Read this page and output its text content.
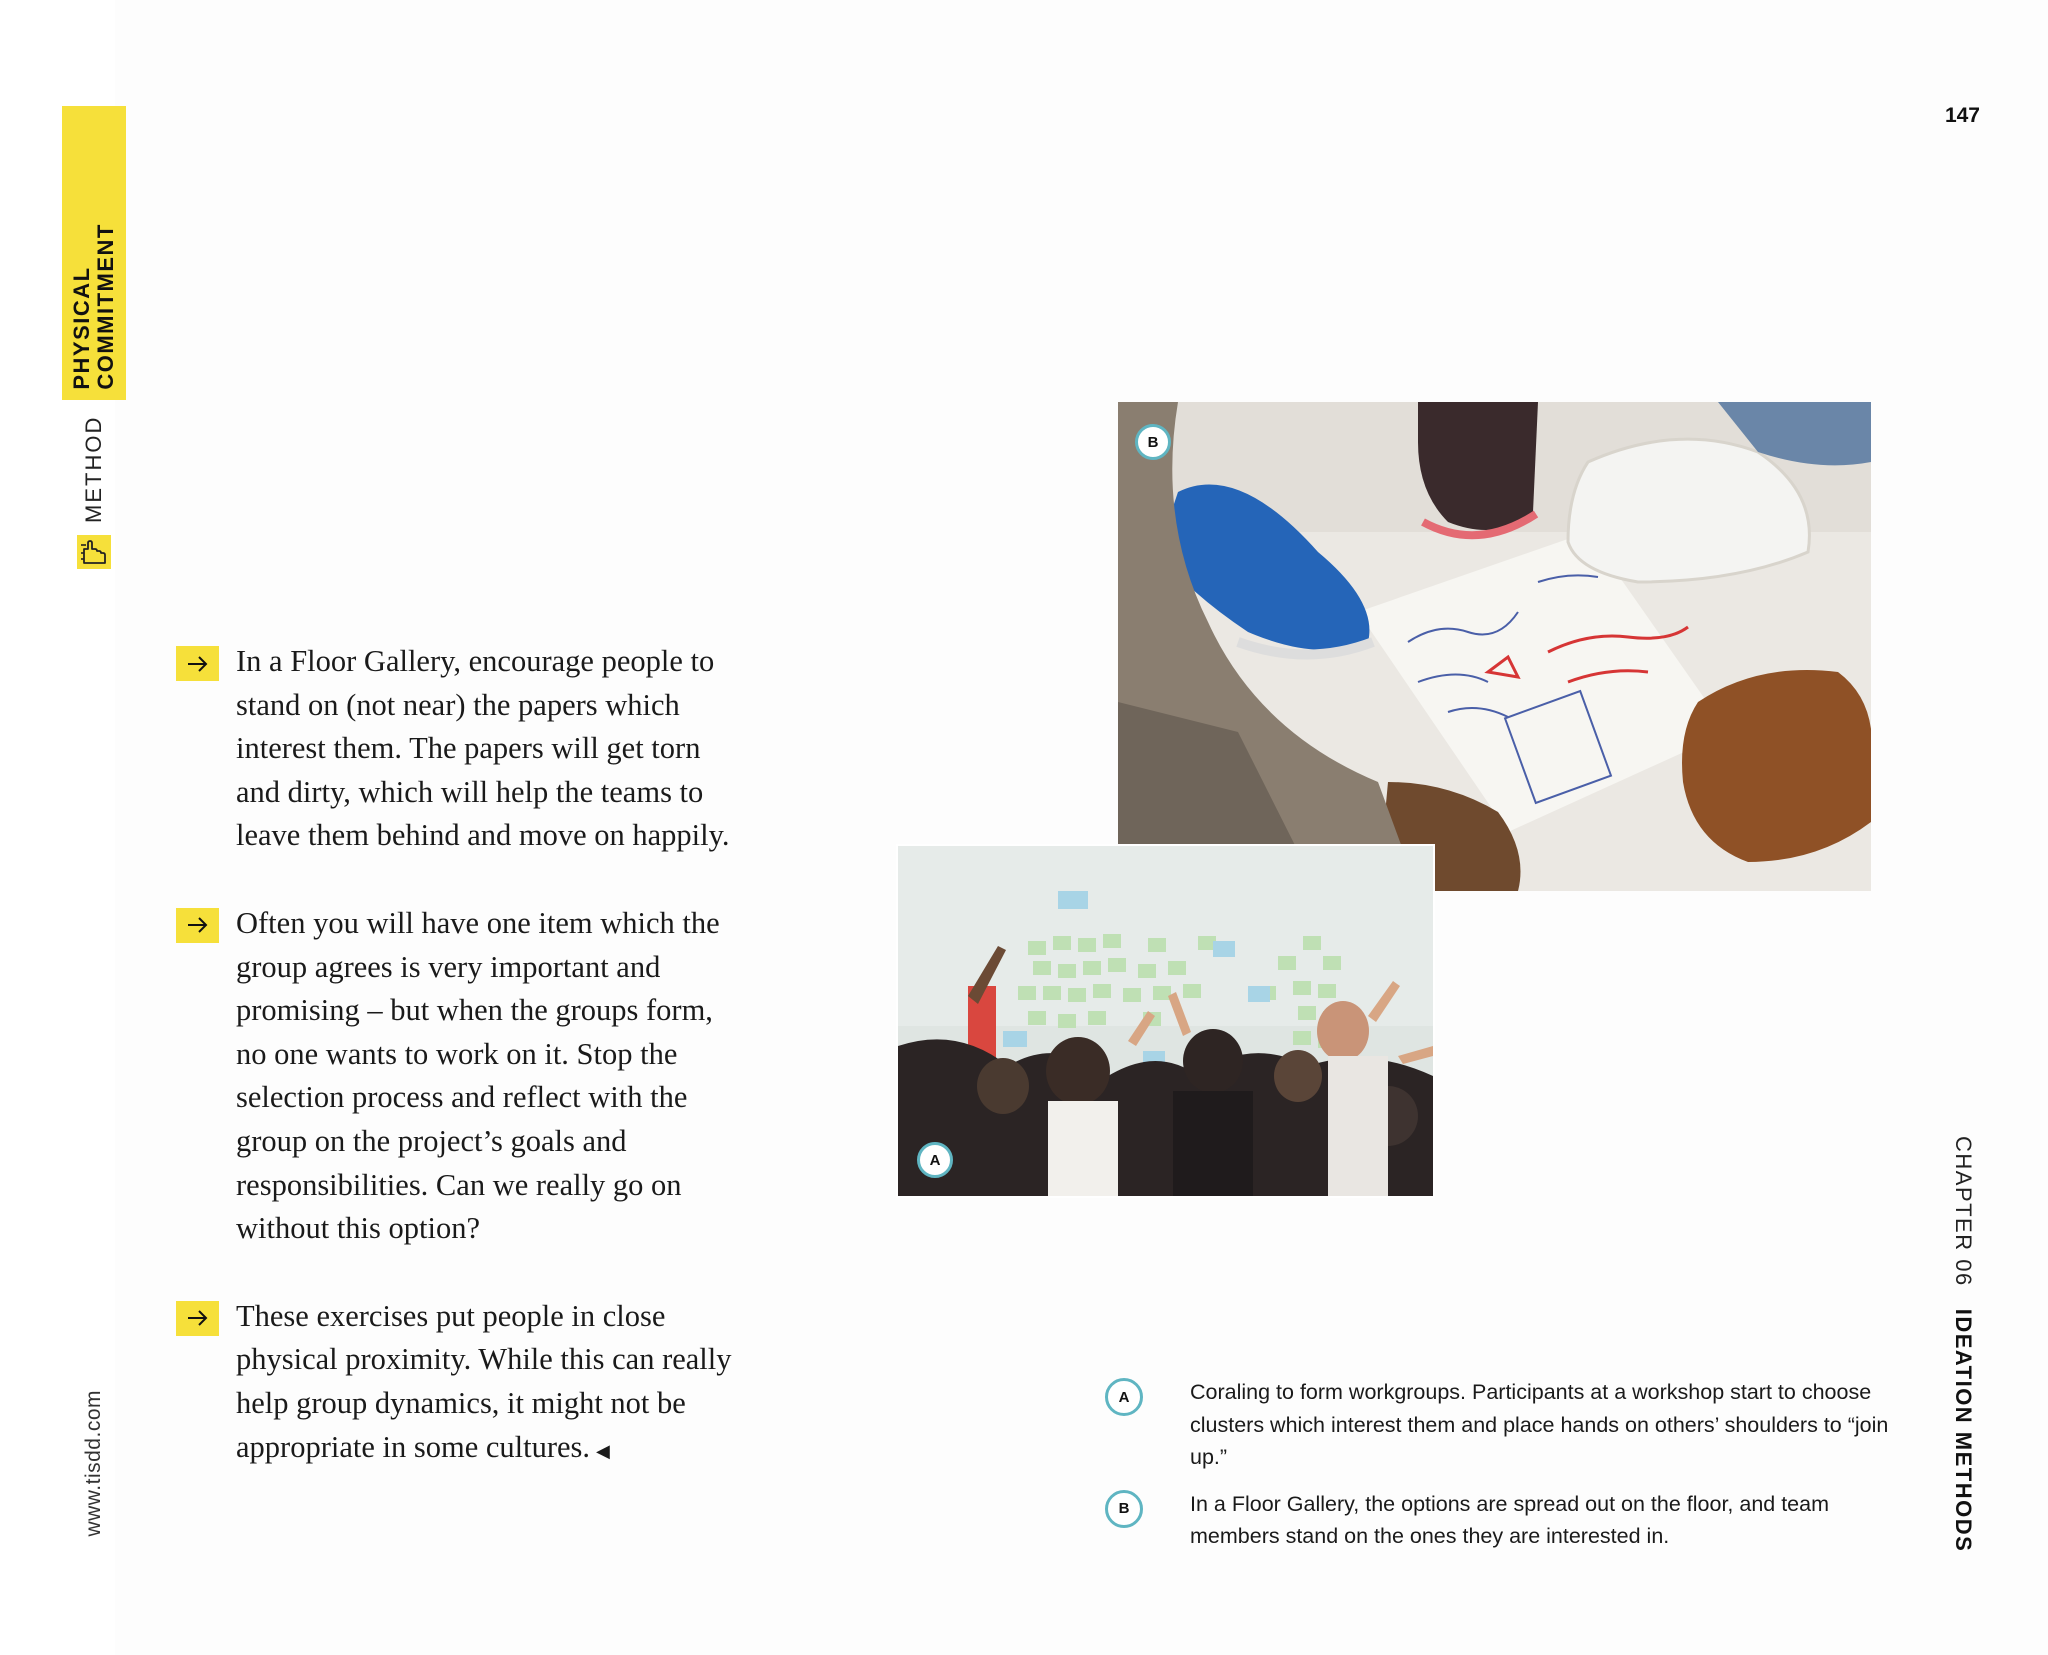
METHOD
PHYSICAL COMMITMENT
147
www.tisdd.com
CHAPTER 06
IDEATION METHODS
In a Floor Gallery, encourage people to stand on (not near) the papers which interest them. The papers will get torn and dirty, which will help the teams to leave them behind and move on happily.
Often you will have one item which the group agrees is very important and promising – but when the groups form, no one wants to work on it. Stop the selection process and reflect with the group on the project’s goals and responsibilities. Can we really go on without this option?
These exercises put people in close physical proximity. While this can really help group dynamics, it might not be appropriate in some cultures. ◀
B
A
A	Coraling to form workgroups. Participants at a workshop start to choose clusters which interest them and place hands on others’ shoulders to “join up.”
B	In a Floor Gallery, the options are spread out on the floor, and team members stand on the ones they are interested in.
